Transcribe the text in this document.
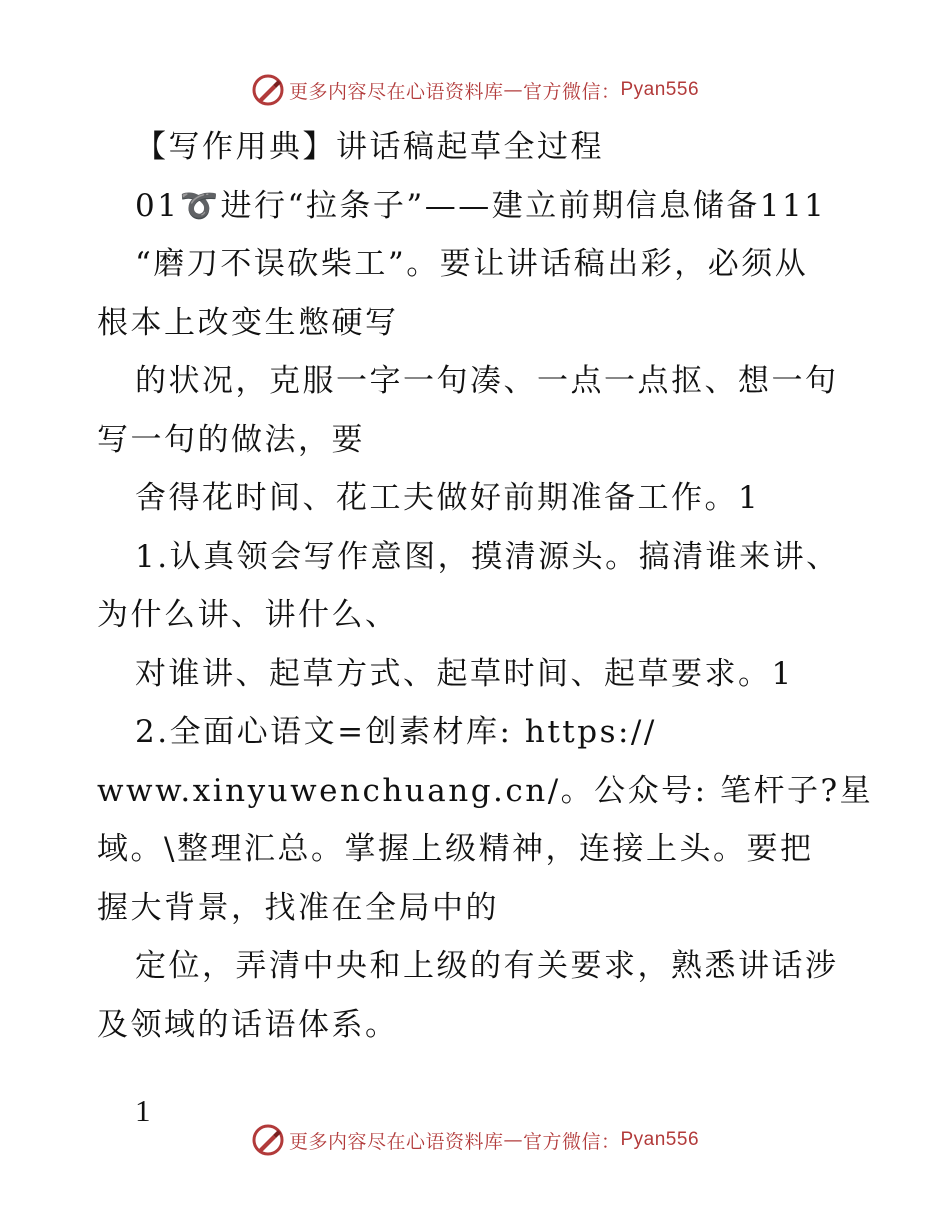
更多内容尽在心语资料库 — 官方微信： Pyan556
【写作用典】讲话稿起草全过程
01➰进行“拉条子”——建立前期信息储备111
“磨刀不误砍柴工”。要让讲话稿出彩，必须从
根本上改变生憋硬写
的状况，克服一字一句凑、一点一点抠、想一句
写一句的做法，要
舍得花时间、花工夫做好前期准备工作。1
1.认真领会写作意图，摸清源头。搞清谁来讲、
为什么讲、讲什么、
对谁讲、起草方式、起草时间、起草要求。1
2.全面心语文=创素材库: https://
www.xinyuwenchuang.cn/。公众号: 笔杆子?星
域。\整理汇总。掌握上级精神，连接上头。要把
握大背景，找准在全局中的
定位，弄清中央和上级的有关要求，熟悉讲话涉
及领域的话语体系。
1
更多内容尽在心语资料库 — 官方微信： Pyan556
